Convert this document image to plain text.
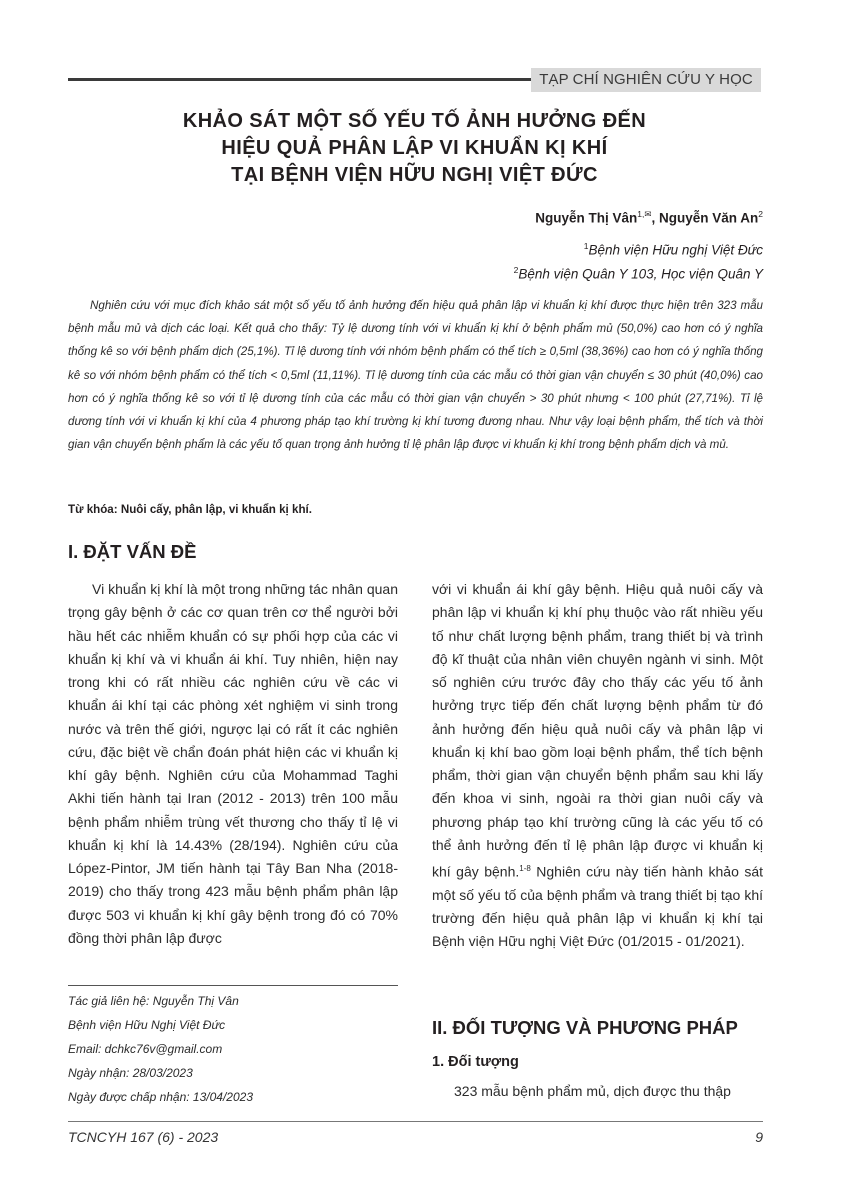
TẠP CHÍ NGHIÊN CỨU Y HỌC
KHẢO SÁT MỘT SỐ YẾU TỐ ẢNH HƯỞNG ĐẾN
HIỆU QUẢ PHÂN LẬP VI KHUẨN KỊ KHÍ
TẠI BỆNH VIỆN HỮU NGHỊ VIỆT ĐỨC
Nguyễn Thị Vân$^{1,✉}$, Nguyễn Văn An$^2$
$^1$Bệnh viện Hữu nghị Việt Đức
$^2$Bệnh viện Quân Y 103, Học viện Quân Y
Nghiên cứu với mục đích khảo sát một số yếu tố ảnh hưởng đến hiệu quả phân lập vi khuẩn kị khí được thực hiện trên 323 mẫu bệnh mẫu mủ và dịch các loại. Kết quả cho thấy: Tỷ lệ dương tính với vi khuẩn kị khí ở bệnh phẩm mủ (50,0%) cao hơn có ý nghĩa thống kê so với bệnh phẩm dịch (25,1%). Tỉ lệ dương tính với nhóm bệnh phẩm có thể tích ≥ 0,5ml (38,36%) cao hơn có ý nghĩa thống kê so với nhóm bệnh phẩm có thể tích < 0,5ml (11,11%). Tỉ lệ dương tính của các mẫu có thời gian vận chuyển ≤ 30 phút (40,0%) cao hơn có ý nghĩa thống kê so với tỉ lệ dương tính của các mẫu có thời gian vận chuyển > 30 phút nhưng < 100 phút (27,71%). Tỉ lệ dương tính với vi khuẩn kị khí của 4 phương pháp tạo khí trường kị khí tương đương nhau. Như vậy loại bệnh phẩm, thể tích và thời gian vận chuyển bệnh phẩm là các yếu tố quan trọng ảnh hưởng tỉ lệ phân lập được vi khuẩn kị khí trong bệnh phẩm dịch và mủ.
Từ khóa: Nuôi cấy, phân lập, vi khuẩn kị khí.
I. ĐẶT VẤN ĐỀ
Vi khuẩn kị khí là một trong những tác nhân quan trọng gây bệnh ở các cơ quan trên cơ thể người bởi hầu hết các nhiễm khuẩn có sự phối hợp của các vi khuẩn kị khí và vi khuẩn ái khí. Tuy nhiên, hiện nay trong khi có rất nhiều các nghiên cứu về các vi khuẩn ái khí tại các phòng xét nghiệm vi sinh trong nước và trên thế giới, ngược lại có rất ít các nghiên cứu, đặc biệt về chẩn đoán phát hiện các vi khuẩn kị khí gây bệnh. Nghiên cứu của Mohammad Taghi Akhi tiến hành tại Iran (2012 - 2013) trên 100 mẫu bệnh phẩm nhiễm trùng vết thương cho thấy tỉ lệ vi khuẩn kị khí là 14.43% (28/194). Nghiên cứu của López-Pintor, JM tiến hành tại Tây Ban Nha (2018-2019) cho thấy trong 423 mẫu bệnh phẩm phân lập được 503 vi khuẩn kị khí gây bệnh trong đó có 70% đồng thời phân lập được
với vi khuẩn ái khí gây bệnh. Hiệu quả nuôi cấy và phân lập vi khuẩn kị khí phụ thuộc vào rất nhiều yếu tố như chất lượng bệnh phẩm, trang thiết bị và trình độ kĩ thuật của nhân viên chuyên ngành vi sinh. Một số nghiên cứu trước đây cho thấy các yếu tố ảnh hưởng trực tiếp đến chất lượng bệnh phẩm từ đó ảnh hưởng đến hiệu quả nuôi cấy và phân lập vi khuẩn kị khí bao gồm loại bệnh phẩm, thể tích bệnh phẩm, thời gian vận chuyển bệnh phẩm sau khi lấy đến khoa vi sinh, ngoài ra thời gian nuôi cấy và phương pháp tạo khí trường cũng là các yếu tố có thể ảnh hưởng đến tỉ lệ phân lập được vi khuẩn kị khí gây bệnh.$^{1-8}$ Nghiên cứu này tiến hành khảo sát một số yếu tố của bệnh phẩm và trang thiết bị tạo khí trường đến hiệu quả phân lập vi khuẩn kị khí tại Bệnh viện Hữu nghị Việt Đức (01/2015 - 01/2021).
II. ĐỐI TƯỢNG VÀ PHƯƠNG PHÁP
1. Đối tượng
323 mẫu bệnh phẩm mủ, dịch được thu thập
Tác giả liên hệ: Nguyễn Thị Vân
Bệnh viện Hữu Nghị Việt Đức
Email: dchkc76v@gmail.com
Ngày nhận: 28/03/2023
Ngày được chấp nhận: 13/04/2023
TCNCYH 167 (6) - 2023	9
